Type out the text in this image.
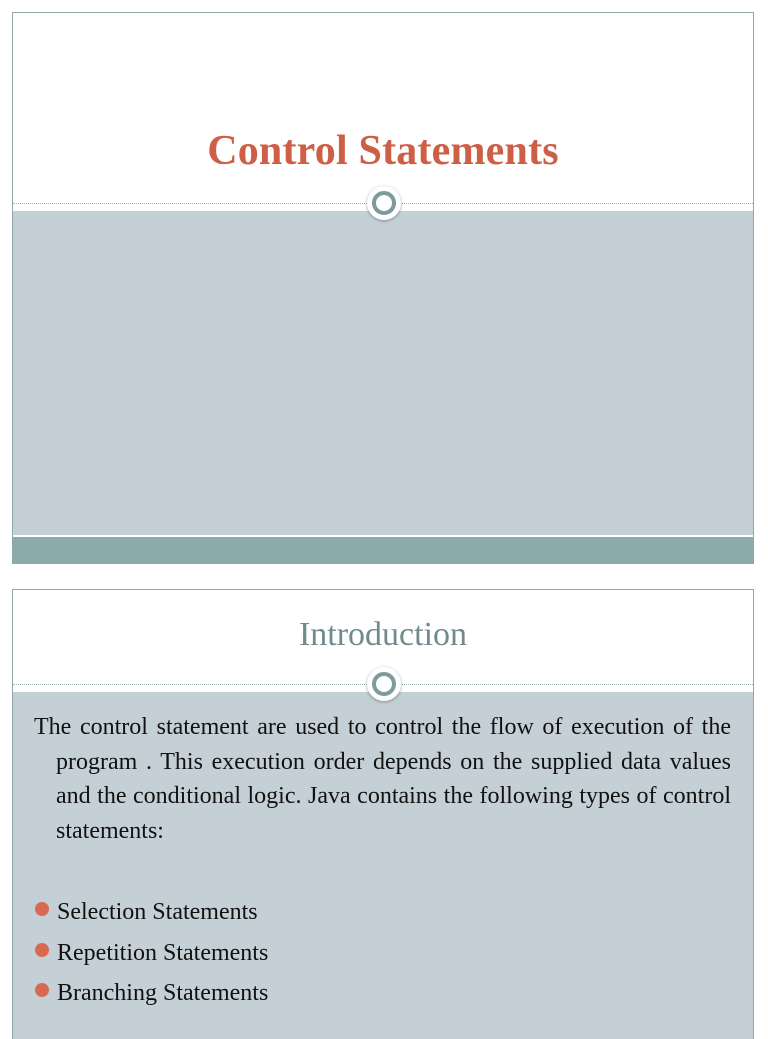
Control Statements
Introduction
The control statement are used to control the flow of execution of the program . This execution order depends on the supplied data values and the conditional logic. Java contains the following types of control statements:
Selection Statements
Repetition Statements
Branching Statements
